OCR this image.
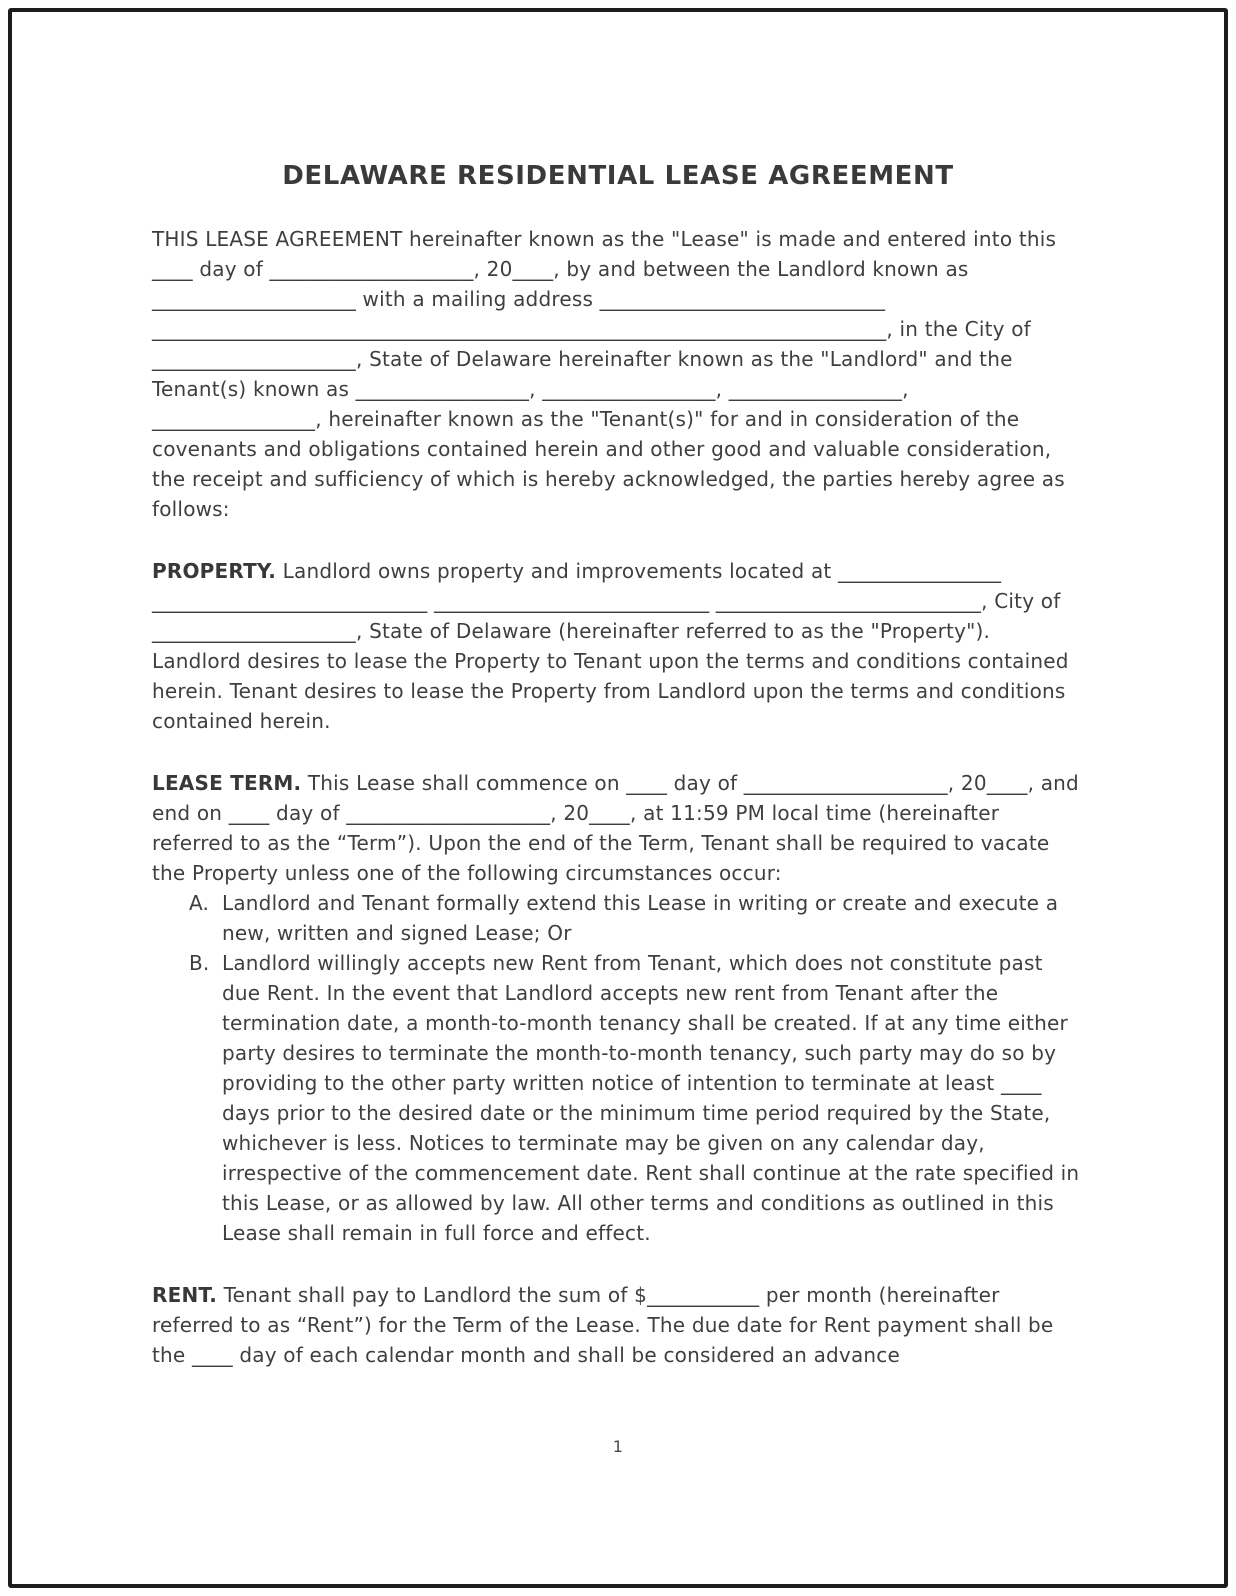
DELAWARE RESIDENTIAL LEASE AGREEMENT

THIS LEASE AGREEMENT hereinafter known as the "Lease" is made and entered into this ____ day of ____________________, 20____, by and between the Landlord known as ____________________ with a mailing address ____________________________ ________________________________________________________________________, in the City of ____________________, State of Delaware hereinafter known as the "Landlord" and the Tenant(s) known as _________________, _________________, _________________, ________________, hereinafter known as the "Tenant(s)" for and in consideration of the covenants and obligations contained herein and other good and valuable consideration, the receipt and sufficiency of which is hereby acknowledged, the parties hereby agree as follows:

PROPERTY. Landlord owns property and improvements located at ________________ ___________________________ ___________________________ __________________________, City of ____________________, State of Delaware (hereinafter referred to as the "Property"). Landlord desires to lease the Property to Tenant upon the terms and conditions contained herein. Tenant desires to lease the Property from Landlord upon the terms and conditions contained herein.

LEASE TERM. This Lease shall commence on ____ day of ____________________, 20____, and end on ____ day of ____________________, 20____, at 11:59 PM local time (hereinafter referred to as the “Term”). Upon the end of the Term, Tenant shall be required to vacate the Property unless one of the following circumstances occur:

A. Landlord and Tenant formally extend this Lease in writing or create and execute a new, written and signed Lease; Or
B. Landlord willingly accepts new Rent from Tenant, which does not constitute past due Rent. In the event that Landlord accepts new rent from Tenant after the termination date, a month-to-month tenancy shall be created. If at any time either party desires to terminate the month-to-month tenancy, such party may do so by providing to the other party written notice of intention to terminate at least ____ days prior to the desired date or the minimum time period required by the State, whichever is less. Notices to terminate may be given on any calendar day, irrespective of the commencement date. Rent shall continue at the rate specified in this Lease, or as allowed by law. All other terms and conditions as outlined in this Lease shall remain in full force and effect.

RENT. Tenant shall pay to Landlord the sum of $___________ per month (hereinafter referred to as “Rent”) for the Term of the Lease. The due date for Rent payment shall be the ____ day of each calendar month and shall be considered an advance

1
